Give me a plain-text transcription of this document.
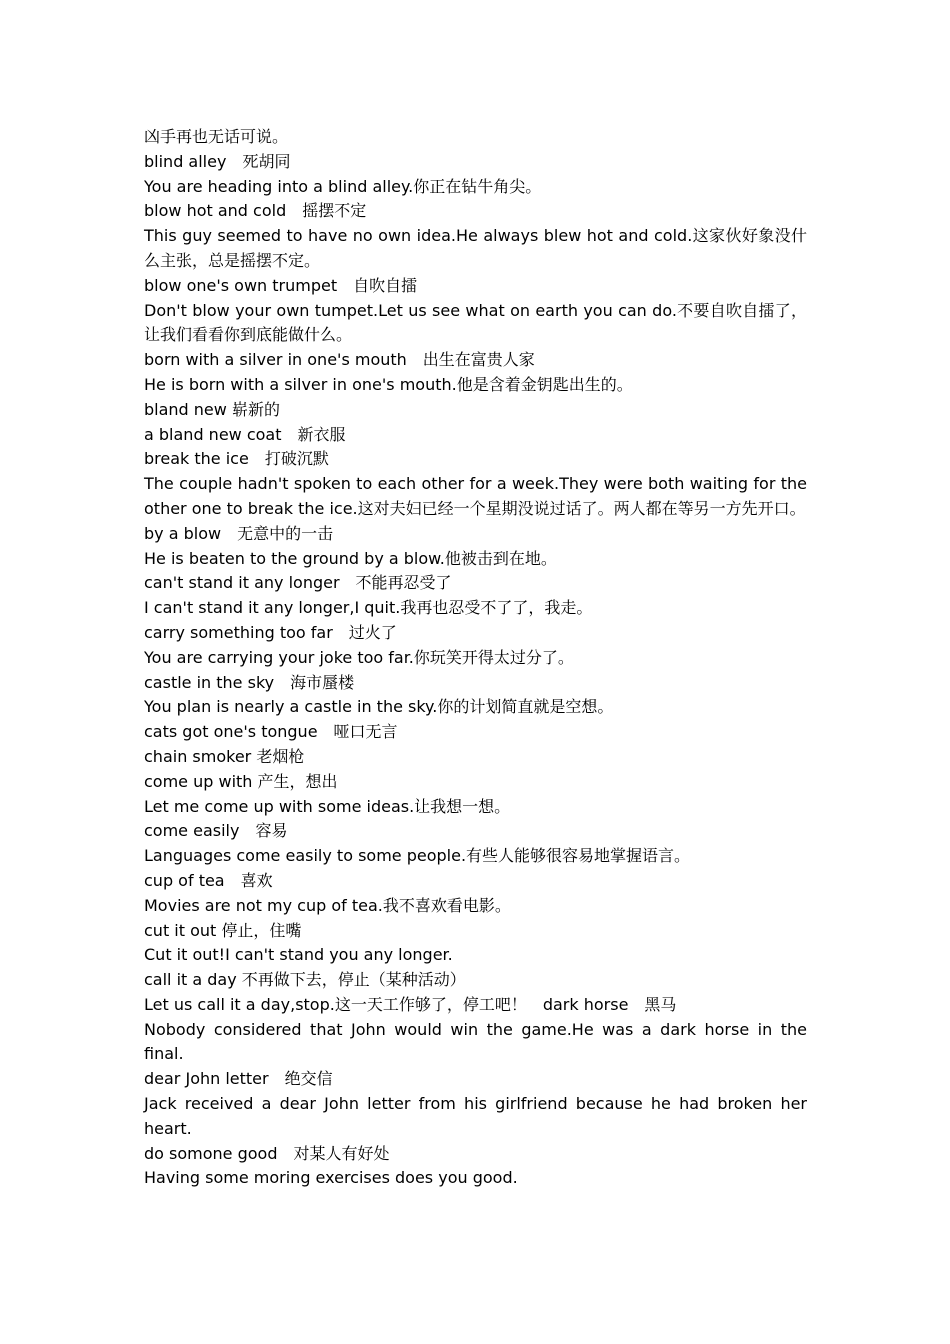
凶手再也无话可说。

blind alley　死胡同

You are heading into a blind alley.你正在钻牛角尖。

blow hot and cold　摇摆不定

This guy seemed to have no own idea.He always blew hot and cold.这家伙好象没什么主张，总是摇摆不定。

blow one's own trumpet　自吹自擂

Don't blow your own tumpet.Let us see what on earth you can do.不要自吹自擂了，让我们看看你到底能做什么。

born with a silver in one's mouth　出生在富贵人家

He is born with a silver in one's mouth.他是含着金钥匙出生的。

bland new 崭新的

a bland new coat　新衣服

break the ice　打破沉默

The couple hadn't spoken to each other for a week.They were both waiting for the other one to break the ice.这对夫妇已经一个星期没说过话了。两人都在等另一方先开口。

by a blow　无意中的一击

He is beaten to the ground by a blow.他被击到在地。

can't stand it any longer　不能再忍受了

I can't stand it any longer,I quit.我再也忍受不了了，我走。

carry something too far　过火了

You are carrying your joke too far.你玩笑开得太过分了。

castle in the sky　海市蜃楼

You plan is nearly a castle in the sky.你的计划简直就是空想。

cats got one's tongue　哑口无言

chain smoker 老烟枪

come up with 产生，想出

Let me come up with some ideas.让我想一想。

come easily　容易

Languages come easily to some people.有些人能够很容易地掌握语言。

cup of tea　喜欢

Movies are not my cup of tea.我不喜欢看电影。

cut it out 停止，住嘴

Cut it out!I can't stand you any longer.

call it a day 不再做下去，停止（某种活动）

Let us call it a day,stop.这一天工作够了，停工吧！　dark horse　黑马

Nobody considered that John would win the game.He was a dark horse in the final.

dear John letter　绝交信

Jack received a dear John letter from his girlfriend because he had broken her heart.

do somone good　对某人有好处

Having some moring exercises does you good.
